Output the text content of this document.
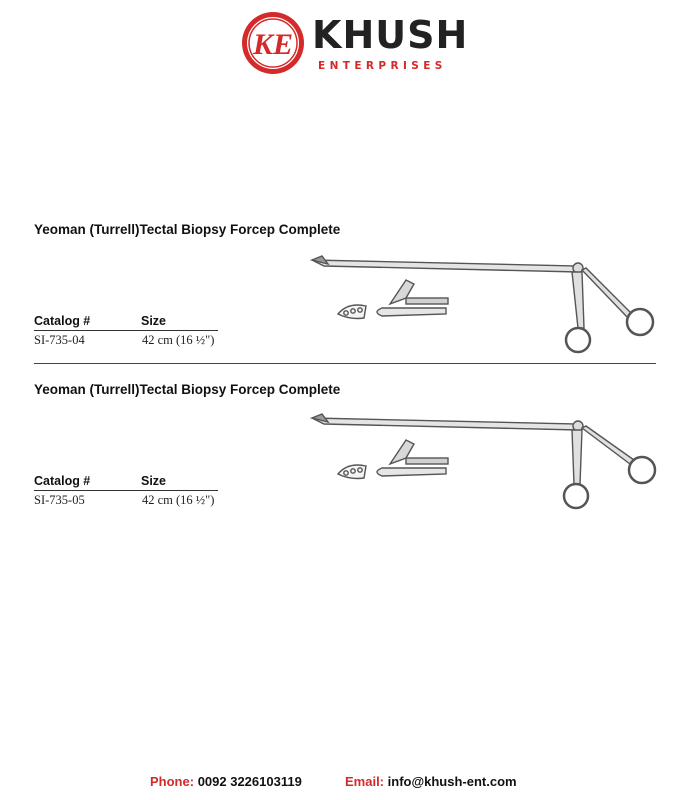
KE KHUSH
ENTERPRISES
Yeoman (Turrell)Tectal Biopsy Forcep Complete
Catalog #	Size
SI-735-04	42 cm (16 ½")
Yeoman (Turrell)Tectal Biopsy Forcep Complete
Catalog #	Size
SI-735-05	42 cm (16 ½")
Phone: 0092 3226103119	Email: info@khush-ent.com
